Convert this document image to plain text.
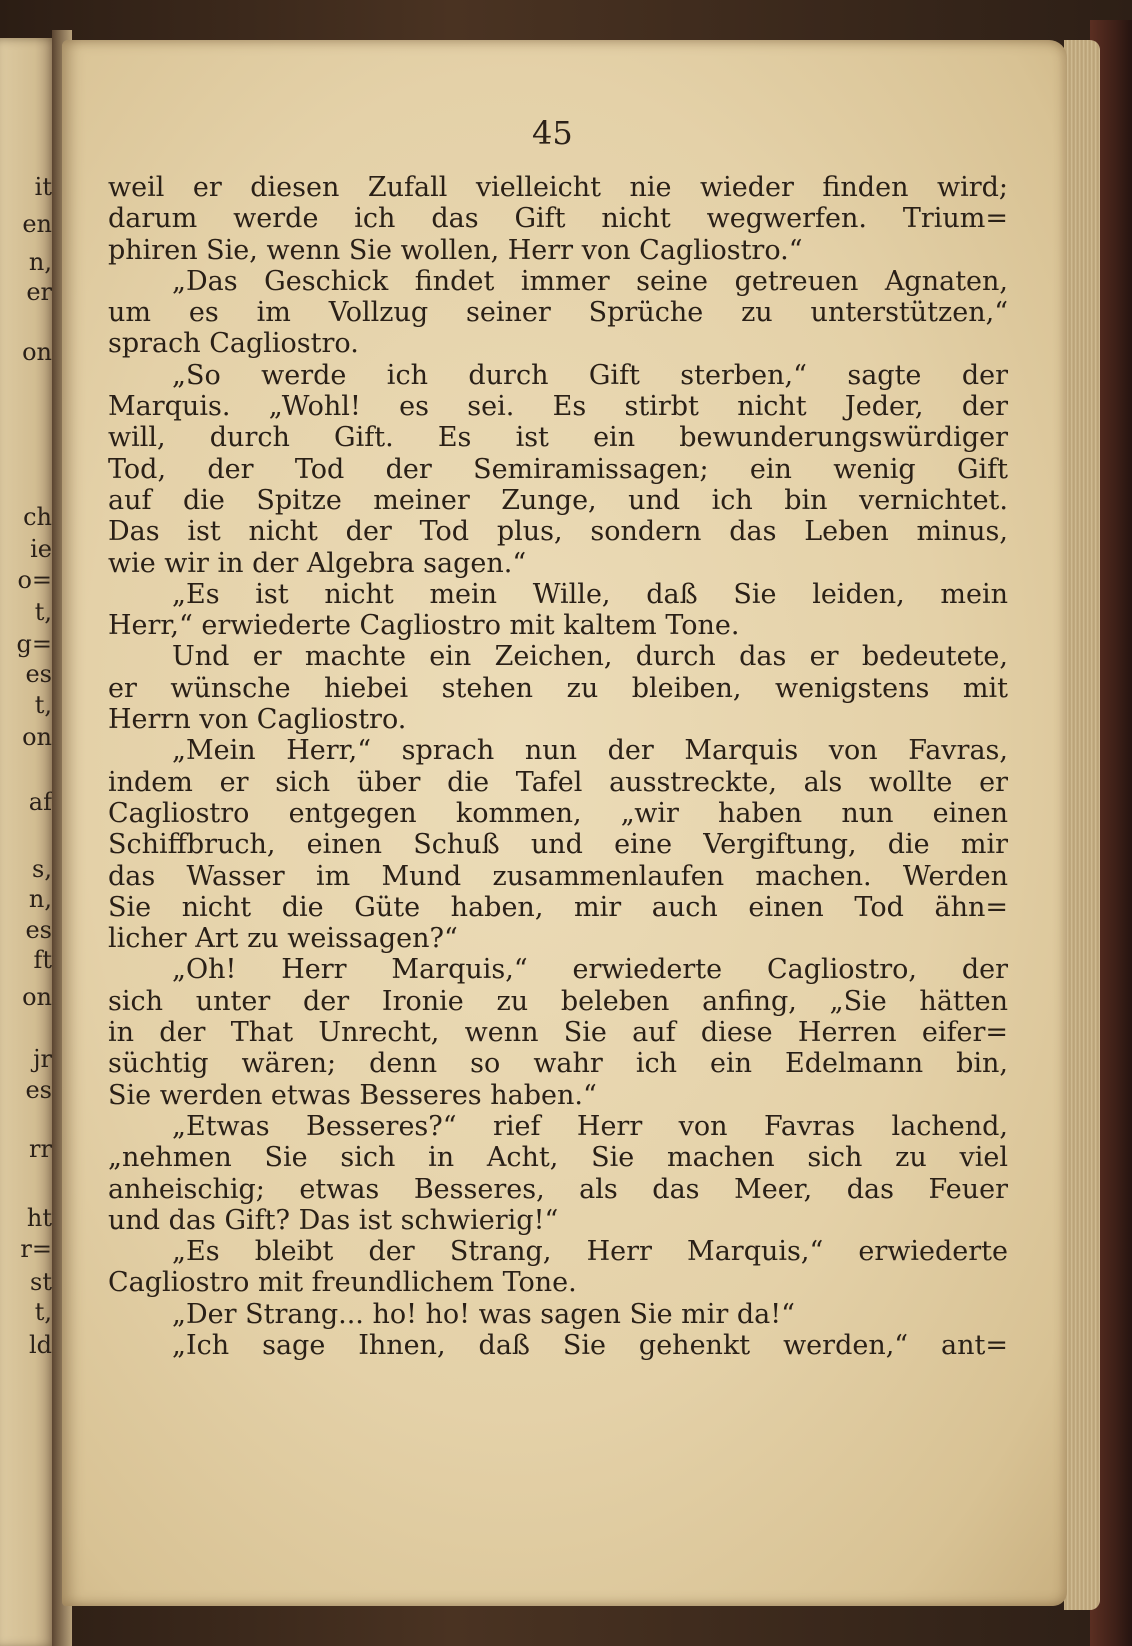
it
en
n,
er
on
ch
ie
o=
t,
g=
es
t,
on
af
s,
n,
es
ft
on
jr
es
rr
ht
r=
st
t,
ld
45
weil er diesen Zufall vielleicht nie wieder finden wird;
darum werde ich das Gift nicht wegwerfen. Trium=
phiren Sie, wenn Sie wollen, Herr von Cagliostro.“
„Das Geschick findet immer seine getreuen Agnaten,
um es im Vollzug seiner Sprüche zu unterstützen,“
sprach Cagliostro.
„So werde ich durch Gift sterben,“ sagte der
Marquis. „Wohl! es sei. Es stirbt nicht Jeder, der
will, durch Gift. Es ist ein bewunderungswürdiger
Tod, der Tod der Semiramissagen; ein wenig Gift
auf die Spitze meiner Zunge, und ich bin vernichtet.
Das ist nicht der Tod plus, sondern das Leben minus,
wie wir in der Algebra sagen.“
„Es ist nicht mein Wille, daß Sie leiden, mein
Herr,“ erwiederte Cagliostro mit kaltem Tone.
Und er machte ein Zeichen, durch das er bedeutete,
er wünsche hiebei stehen zu bleiben, wenigstens mit
Herrn von Cagliostro.
„Mein Herr,“ sprach nun der Marquis von Favras,
indem er sich über die Tafel ausstreckte, als wollte er
Cagliostro entgegen kommen, „wir haben nun einen
Schiffbruch, einen Schuß und eine Vergiftung, die mir
das Wasser im Mund zusammenlaufen machen. Werden
Sie nicht die Güte haben, mir auch einen Tod ähn=
licher Art zu weissagen?“
„Oh! Herr Marquis,“ erwiederte Cagliostro, der
sich unter der Ironie zu beleben anfing, „Sie hätten
in der That Unrecht, wenn Sie auf diese Herren eifer=
süchtig wären; denn so wahr ich ein Edelmann bin,
Sie werden etwas Besseres haben.“
„Etwas Besseres?“ rief Herr von Favras lachend,
„nehmen Sie sich in Acht, Sie machen sich zu viel
anheischig; etwas Besseres, als das Meer, das Feuer
und das Gift? Das ist schwierig!“
„Es bleibt der Strang, Herr Marquis,“ erwiederte
Cagliostro mit freundlichem Tone.
„Der Strang... ho! ho! was sagen Sie mir da!“
„Ich sage Ihnen, daß Sie gehenkt werden,“ ant=
